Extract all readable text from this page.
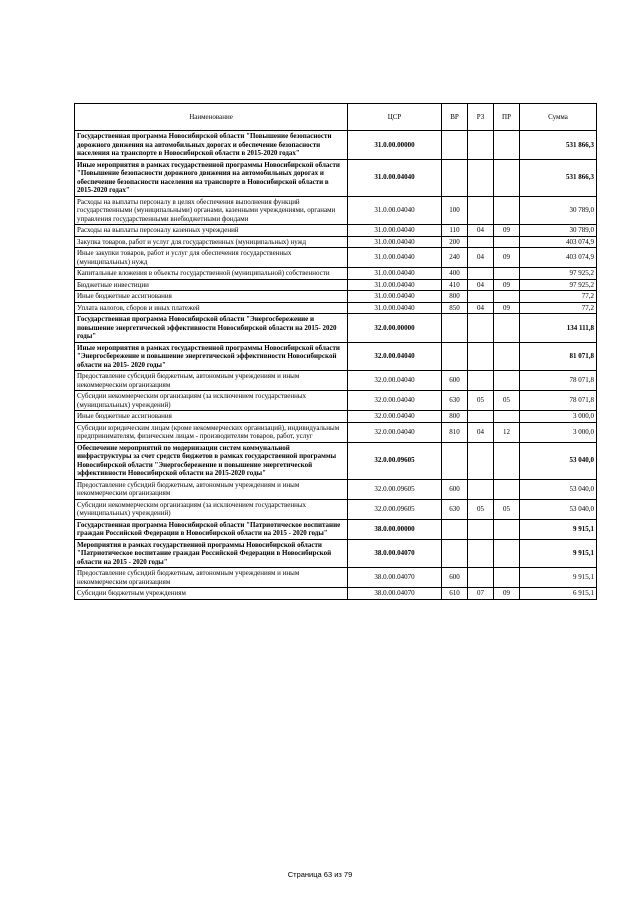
Наименование	ЦСР	ВР	РЗ	ПР	Сумма
Государственная программа Новосибирской области "Повышение безопасности дорожного движения на автомобильных дорогах и обеспечение безопасности населения на транспорте в Новосибирской области в 2015-2020 годах"	31.0.00.00000				531 866,3
Иные мероприятия в рамках государственной программы Новосибирской области "Повышение безопасности дорожного движения на автомобильных дорогах и обеспечение безопасности населения на транспорте в Новосибирской области в 2015-2020 годах"	31.0.00.04040				531 866,3
Расходы на выплаты персоналу в целях обеспечения выполнения функций государственными (муниципальными) органами, казенными учреждениями, органами управления государственными внебюджетными фондами	31.0.00.04040	100			30 789,0
Расходы на выплаты персоналу казенных учреждений	31.0.00.04040	110	04	09	30 789,0
Закупка товаров, работ и услуг для государственных (муниципальных) нужд	31.0.00.04040	200			403 074,9
Иные закупки товаров, работ и услуг для обеспечения государственных (муниципальных) нужд	31.0.00.04040	240	04	09	403 074,9
Капитальные вложения в объекты государственной (муниципальной) собственности	31.0.00.04040	400			97 925,2
Бюджетные инвестиции	31.0.00.04040	410	04	09	97 925,2
Иные бюджетные ассигнования	31.0.00.04040	800			77,2
Уплата налогов, сборов и иных платежей	31.0.00.04040	850	04	09	77,2
Государственная программа Новосибирской области "Энергосбережение и повышение энергетической эффективности Новосибирской области на 2015- 2020 годы"	32.0.00.00000				134 111,8
Иные мероприятия в рамках государственной программы Новосибирской области "Энергосбережение и повышение энергетической эффективности Новосибирской области на 2015- 2020 годы"	32.0.00.04040				81 071,8
Предоставление субсидий бюджетным, автономным учреждениям и иным некоммерческим организациям	32.0.00.04040	600			78 071,8
Субсидии некоммерческим организациям (за исключением государственных (муниципальных) учреждений)	32.0.00.04040	630	05	05	78 071,8
Иные бюджетные ассигнования	32.0.00.04040	800			3 000,0
Субсидии юридическим лицам (кроме некоммерческих организаций), индивидуальным предпринимателям, физическим лицам - производителям товаров, работ, услуг	32.0.00.04040	810	04	12	3 000,0
Обеспечение мероприятий по модернизации систем коммунальной инфраструктуры за счет средств бюджетов в рамках государственной программы Новосибирской области "Энергосбережение и повышение энергетической эффективности Новосибирской области на 2015-2020 годы"	32.0.00.09605				53 040,0
Предоставление субсидий бюджетным, автономным учреждениям и иным некоммерческим организациям	32.0.00.09605	600			53 040,0
Субсидии некоммерческим организациям (за исключением государственных (муниципальных) учреждений)	32.0.00.09605	630	05	05	53 040,0
Государственная программа Новосибирской области "Патриотическое воспитание граждан Российской Федерации в Новосибирской области на 2015 - 2020 годы"	38.0.00.00000				9 915,1
Мероприятия в рамках государственной программы Новосибирской области "Патриотическое воспитание граждан Российской Федерации в Новосибирской области на 2015 - 2020 годы"	38.0.00.04070				9 915,1
Предоставление субсидий бюджетным, автономным учреждениям и иным некоммерческим организациям	38.0.00.04070	600			9 915,1
Субсидии бюджетным учреждениям	38.0.00.04070	610	07	09	6 915,1
Страница 63 из 79
